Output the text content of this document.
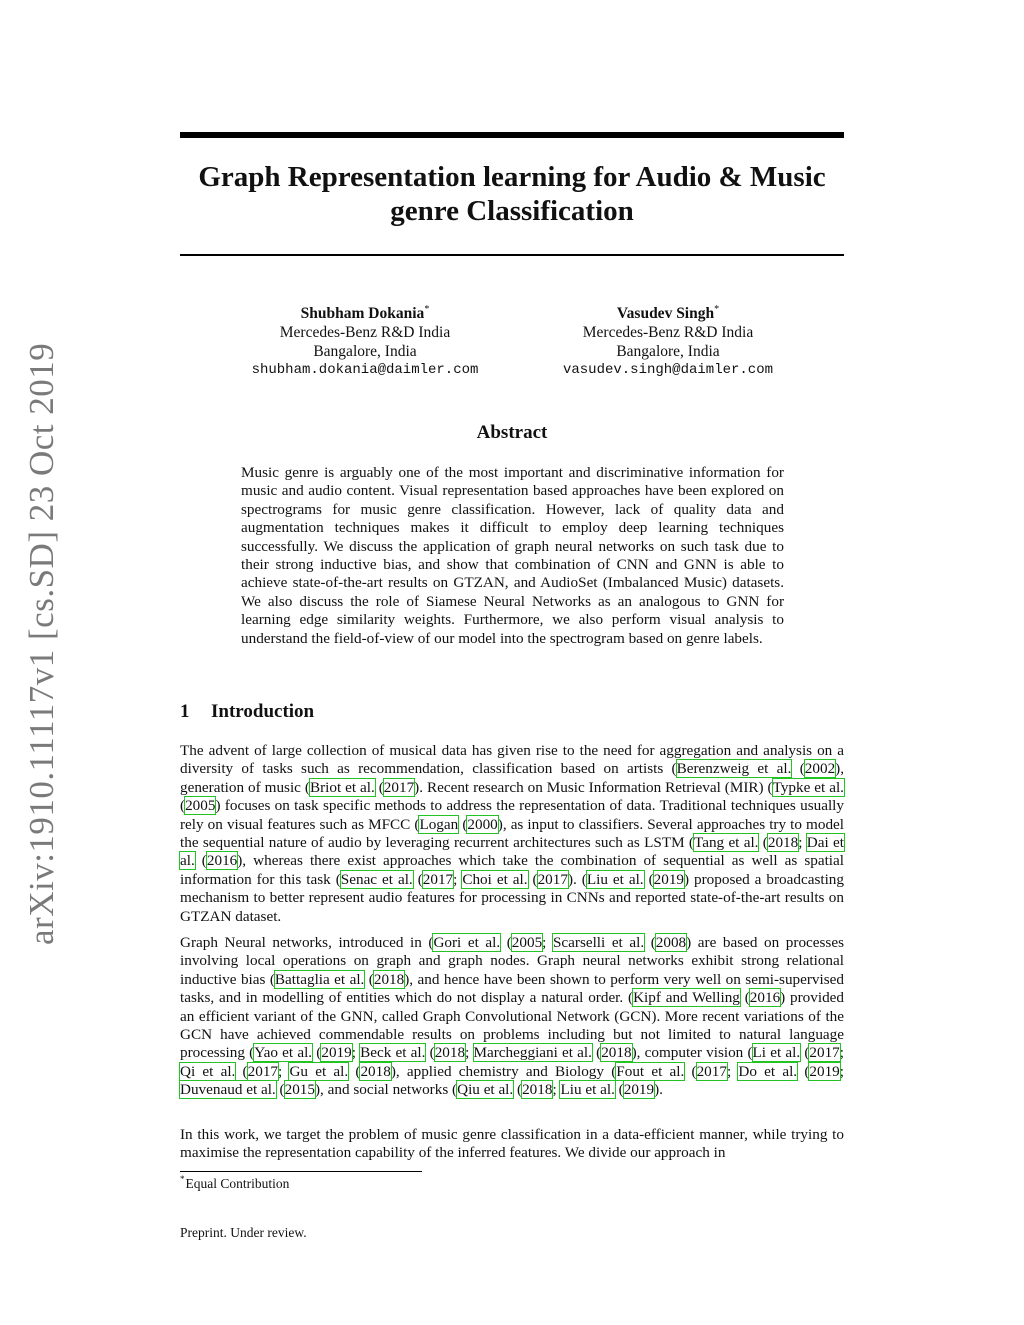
arXiv:1910.11117v1 [cs.SD] 23 Oct 2019
Graph Representation learning for Audio & Music genre Classification
Shubham Dokania*
Mercedes-Benz R&D India
Bangalore, India
shubham.dokania@daimler.com
Vasudev Singh*
Mercedes-Benz R&D India
Bangalore, India
vasudev.singh@daimler.com
Abstract

Music genre is arguably one of the most important and discriminative information for music and audio content. Visual representation based approaches have been explored on spectrograms for music genre classification. However, lack of quality data and augmentation techniques makes it difficult to employ deep learning techniques successfully. We discuss the application of graph neural networks on such task due to their strong inductive bias, and show that combination of CNN and GNN is able to achieve state-of-the-art results on GTZAN, and AudioSet (Imbalanced Music) datasets. We also discuss the role of Siamese Neural Networks as an analogous to GNN for learning edge similarity weights. Furthermore, we also perform visual analysis to understand the field-of-view of our model into the spectrogram based on genre labels.

1 Introduction

The advent of large collection of musical data has given rise to the need for aggregation and analysis on a diversity of tasks such as recommendation, classification based on artists (Berenzweig et al. (2002), generation of music (Briot et al. (2017). Recent research on Music Information Retrieval (MIR) (Typke et al. (2005) focuses on task specific methods to address the representation of data. Traditional techniques usually rely on visual features such as MFCC (Logan (2000), as input to classifiers. Several approaches try to model the sequential nature of audio by leveraging recurrent architectures such as LSTM (Tang et al. (2018; Dai et al. (2016), whereas there exist approaches which take the combination of sequential as well as spatial information for this task (Senac et al. (2017; Choi et al. (2017). (Liu et al. (2019) proposed a broadcasting mechanism to better represent audio features for processing in CNNs and reported state-of-the-art results on GTZAN dataset.

Graph Neural networks, introduced in (Gori et al. (2005; Scarselli et al. (2008) are based on processes involving local operations on graph and graph nodes. Graph neural networks exhibit strong relational inductive bias (Battaglia et al. (2018), and hence have been shown to perform very well on semi-supervised tasks, and in modelling of entities which do not display a natural order. (Kipf and Welling (2016) provided an efficient variant of the GNN, called Graph Convolutional Network (GCN). More recent variations of the GCN have achieved commendable results on problems including but not limited to natural language processing (Yao et al. (2019; Beck et al. (2018; Marcheggiani et al. (2018), computer vision (Li et al. (2017; Qi et al. (2017; Gu et al. (2018), applied chemistry and Biology (Fout et al. (2017; Do et al. (2019; Duvenaud et al. (2015), and social networks (Qiu et al. (2018; Liu et al. (2019).

In this work, we target the problem of music genre classification in a data-efficient manner, while trying to maximise the representation capability of the inferred features. We divide our approach in

*Equal Contribution

Preprint. Under review.
